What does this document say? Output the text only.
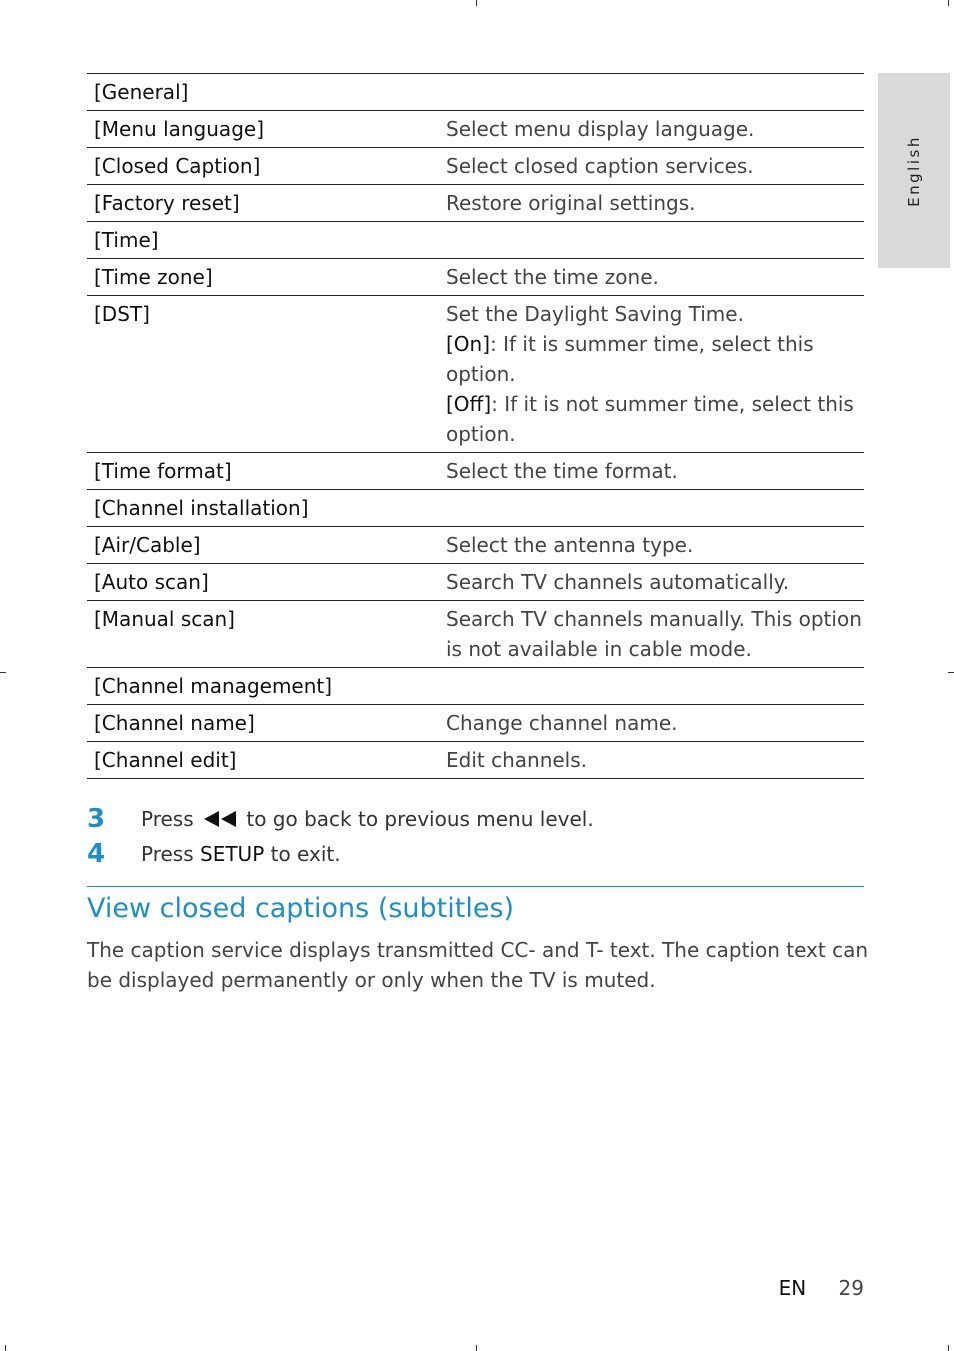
English
[General]	

[Menu language]	Select menu display language.

[Closed Caption]	Select closed caption services.

[Factory reset]	Restore original settings.

[Time]	

[Time zone]	Select the time zone.

[DST]	Set the Daylight Saving Time.
[On]: If it is summer time, select this option.
[Off]: If it is not summer time, select this option.

[Time format]	Select the time format.

[Channel installation]	

[Air/Cable]	Select the antenna type.

[Auto scan]	Search TV channels automatically.

[Manual scan]	Search TV channels manually. This option is not available in cable mode.

[Channel management]	

[Channel name]	Change channel name.

[Channel edit]	Edit channels.
3 Press	to go back to previous menu level.
4 Press SETUP to exit.
View closed captions (subtitles)

The caption service displays transmitted CC- and T- text. The caption text can be displayed permanently or only when the TV is muted.

EN 29
